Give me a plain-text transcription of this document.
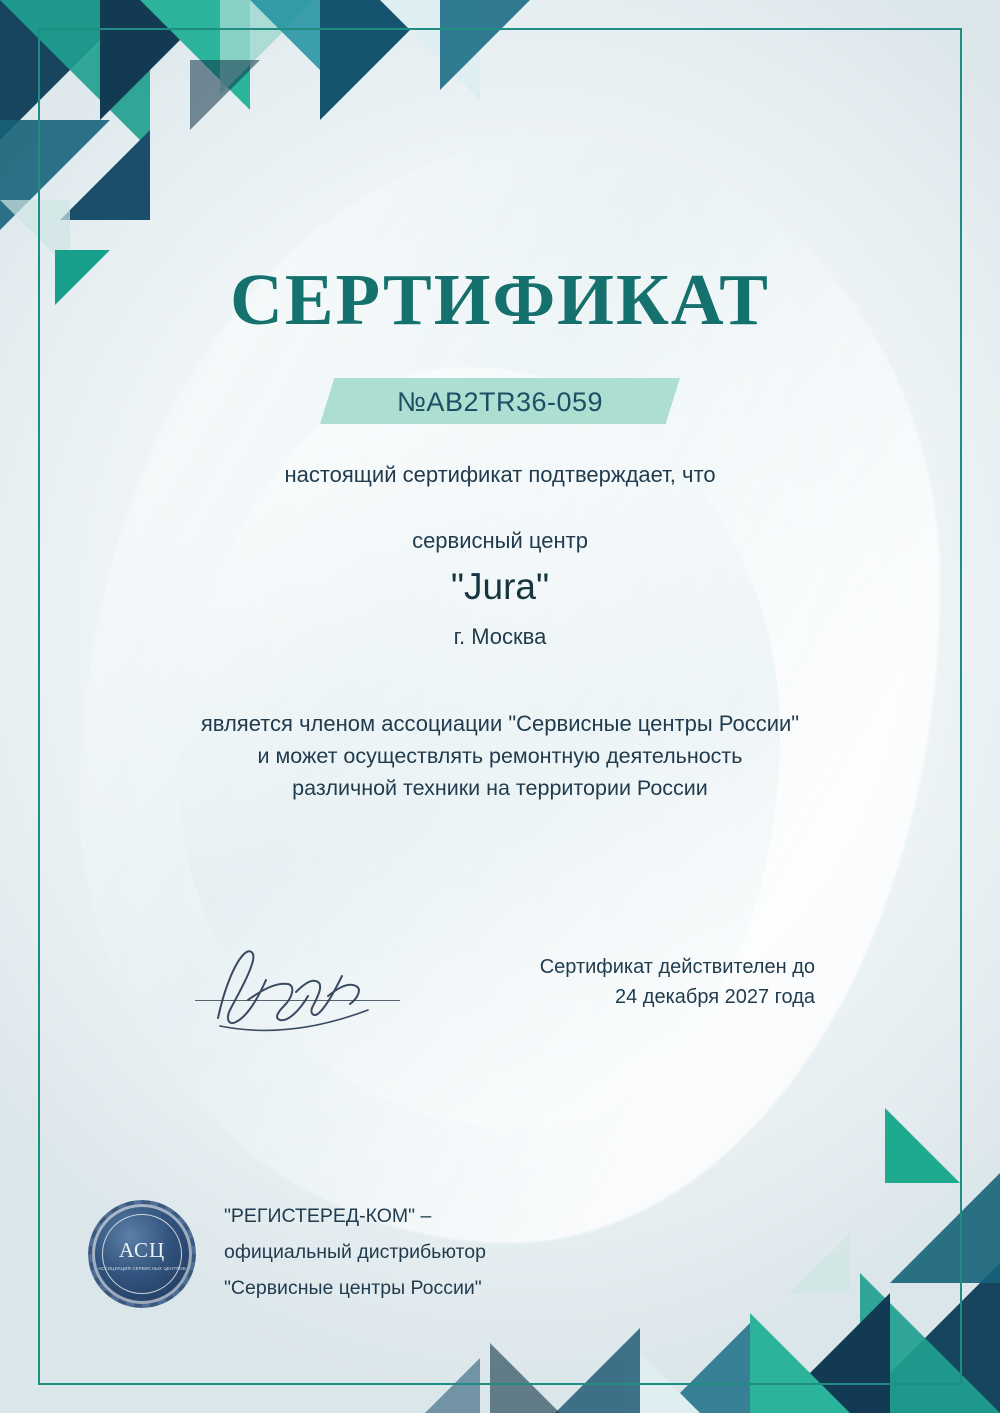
СЕРТИФИКАТ
№AB2TR36-059
настоящий сертификат подтверждает, что
сервисный центр
"Jura"
г. Москва
является членом ассоциации "Сервисные центры России"
и может осуществлять ремонтную деятельность
различной техники на территории России
Сертификат действителен до
24 декабря 2027 года
АСЦ
АССОЦИАЦИЯ СЕРВИСНЫХ ЦЕНТРОВ
"РЕГИСТЕРЕД-КОМ" –
официальный дистрибьютор
"Сервисные центры России"
